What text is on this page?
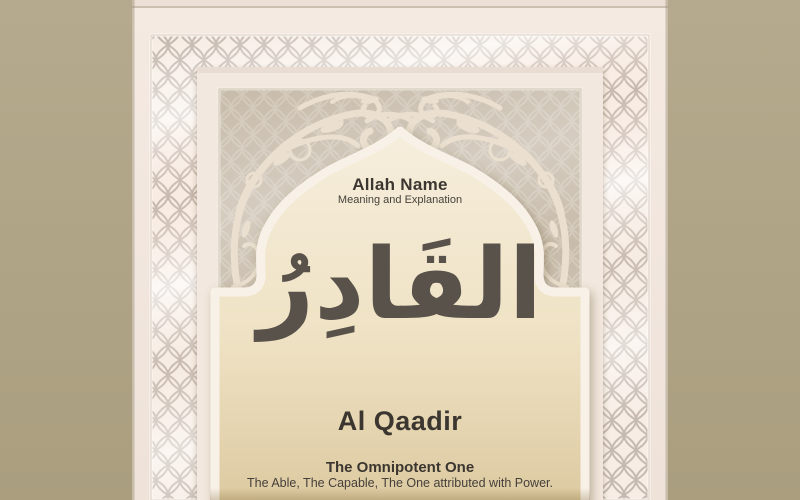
Allah Name
Meaning and Explanation
القَادِرُ
Al Qaadir
The Omnipotent One
The Able, The Capable, The One attributed with Power.
